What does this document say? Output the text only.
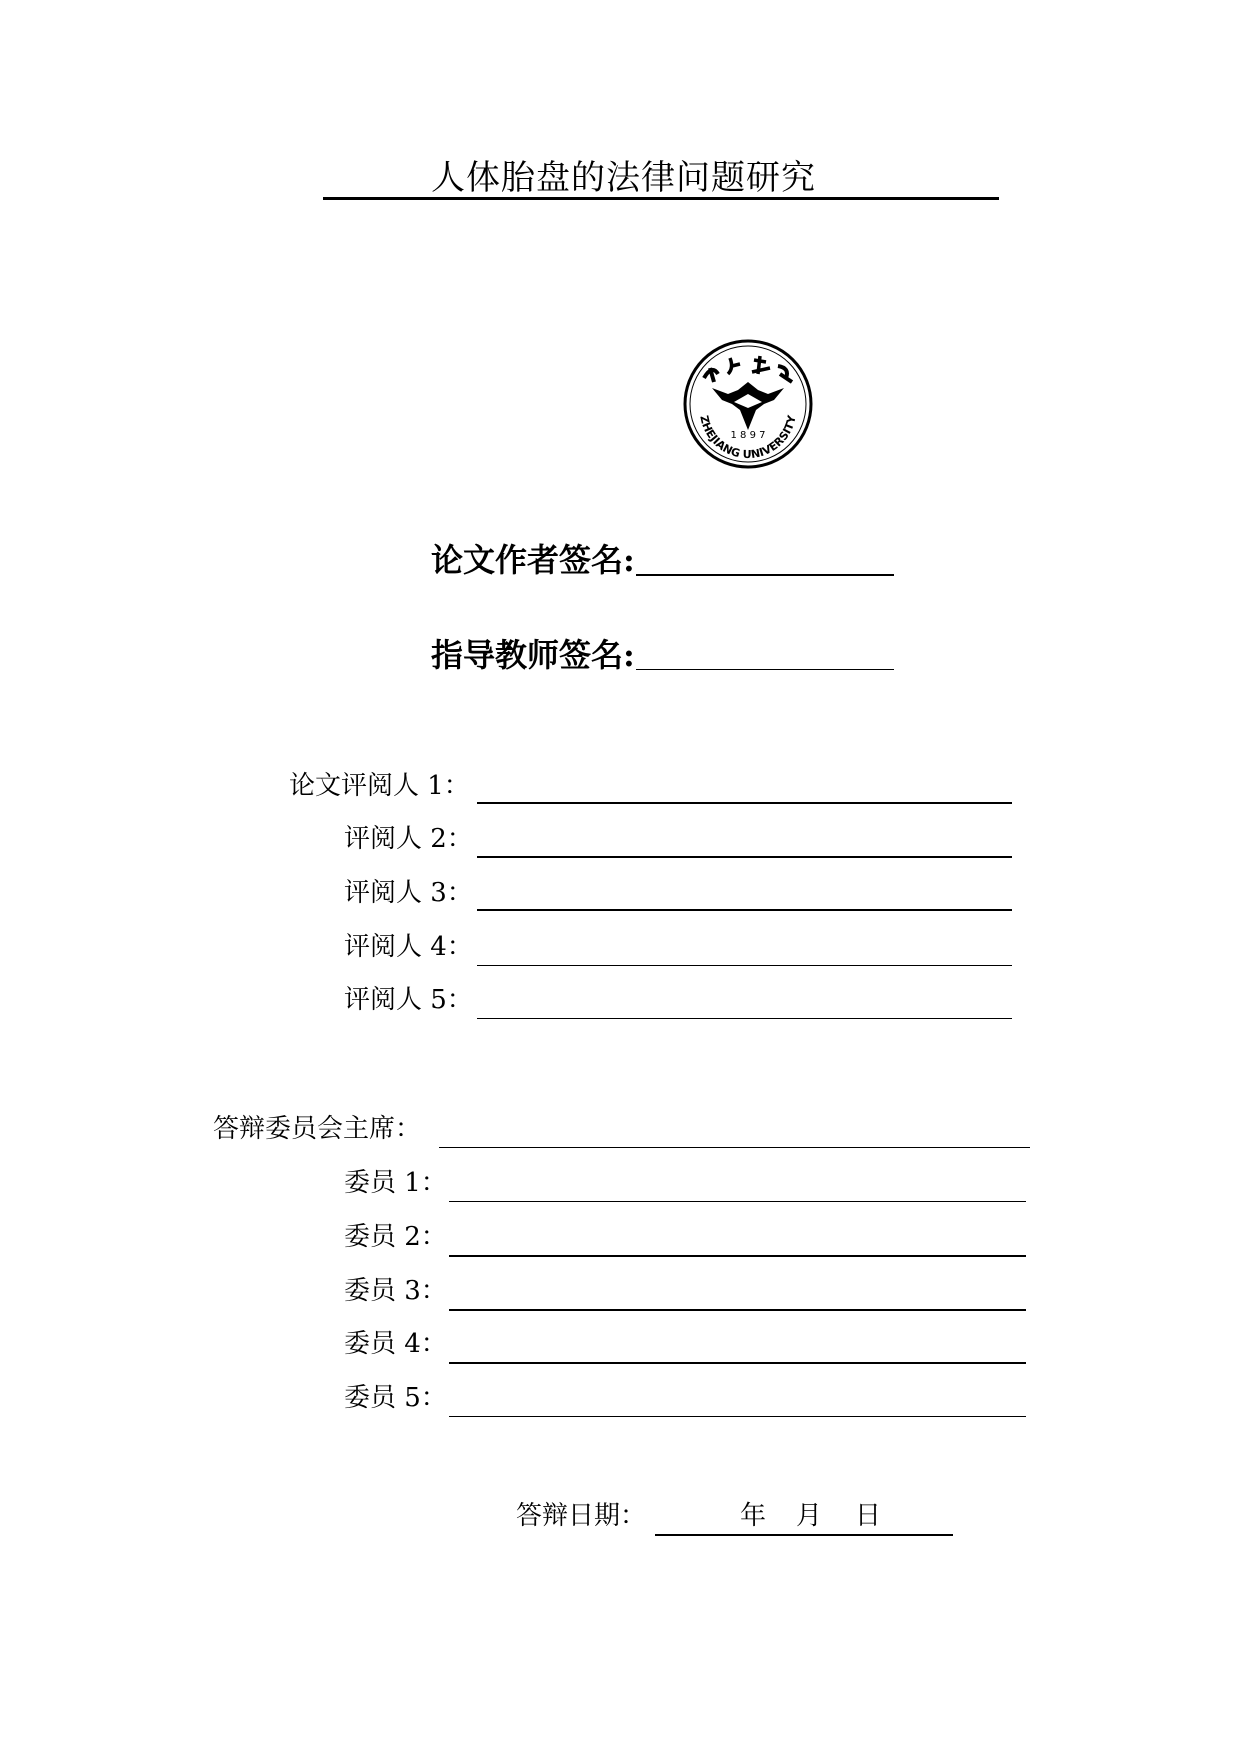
人体胎盘的法律问题研究
1 8 9 7
ZHEJIANG UNIVERSITY
论文作者签名:
指导教师签名:
论文评阅人 1：
评阅人 2：
评阅人 3：
评阅人 4：
评阅人 5：
答辩委员会主席：
委员 1：
委员 2：
委员 3：
委员 4：
委员 5：
答辩日期：	年 月 日
